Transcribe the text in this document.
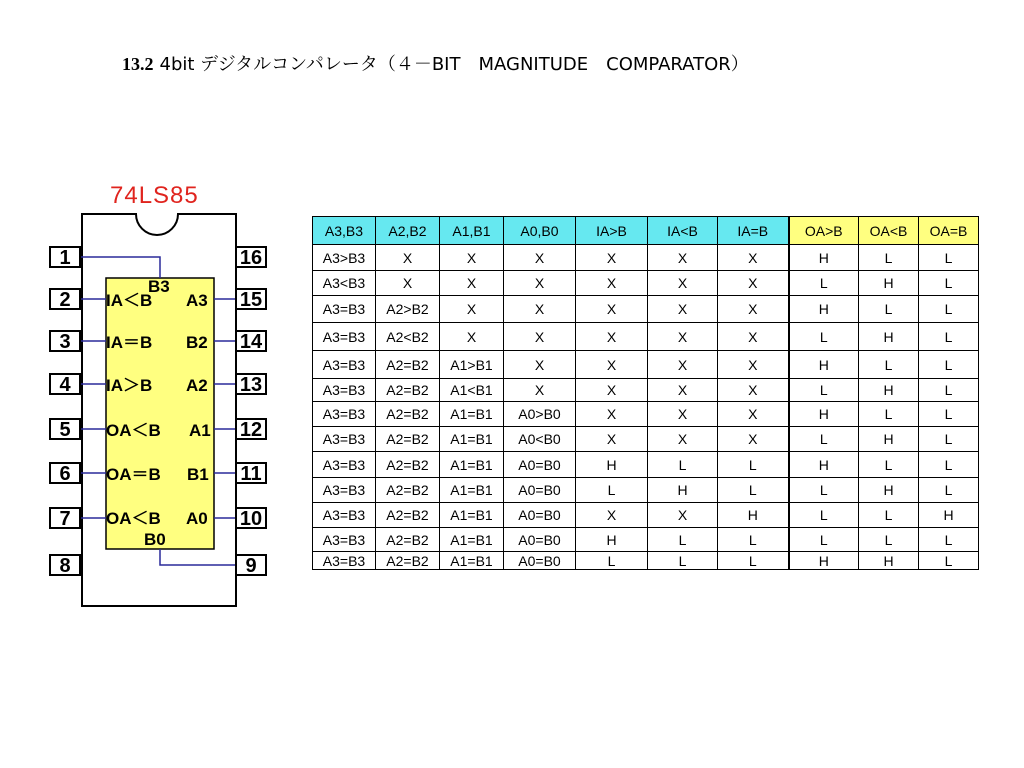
13.2 4bit デジタルコンパレータ（４－BIT　MAGNITUDE　COMPARATOR）
74LS85
1
2
3
4
5
6
7
8
16
15
14
13
12
11
10
9
B3
IA＜B
IA＝B
IA＞B
OA＜B
OA＝B
OA＜B
B0
A3
B2
A2
A1
B1
A0
A3,B3	A2,B2	A1,B1	A0,B0	IA>B	IA<B	IA=B	OA>B	OA<B	OA=B
A3>B3	X	X	X	X	X	X	H	L	L
A3<B3	X	X	X	X	X	X	L	H	L
A3=B3	A2>B2	X	X	X	X	X	H	L	L
A3=B3	A2<B2	X	X	X	X	X	L	H	L
A3=B3	A2=B2	A1>B1	X	X	X	X	H	L	L
A3=B3	A2=B2	A1<B1	X	X	X	X	L	H	L
A3=B3	A2=B2	A1=B1	A0>B0	X	X	X	H	L	L
A3=B3	A2=B2	A1=B1	A0<B0	X	X	X	L	H	L
A3=B3	A2=B2	A1=B1	A0=B0	H	L	L	H	L	L
A3=B3	A2=B2	A1=B1	A0=B0	L	H	L	L	H	L
A3=B3	A2=B2	A1=B1	A0=B0	X	X	H	L	L	H
A3=B3	A2=B2	A1=B1	A0=B0	H	L	L	L	L	L
A3=B3	A2=B2	A1=B1	A0=B0	L	L	L	H	H	L
